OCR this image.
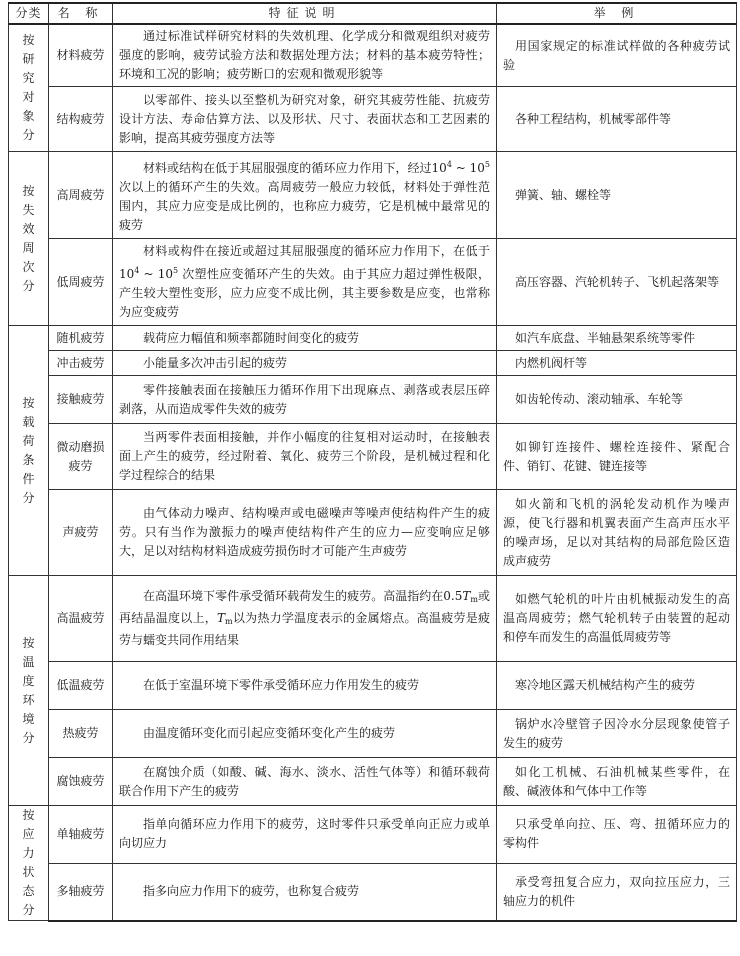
分类	名 称	特征说明	举 例
按研究对象分	材料疲劳	通过标准试样研究材料的失效机理、化学成分和微观组织对疲劳强度的影响，疲劳试验方法和数据处理方法；材料的基本疲劳特性；环境和工况的影响；疲劳断口的宏观和微观形貌等	用国家规定的标准试样做的各种疲劳试验
	结构疲劳	以零部件、接头以至整机为研究对象，研究其疲劳性能、抗疲劳设计方法、寿命估算方法、以及形状、尺寸、表面状态和工艺因素的影响，提高其疲劳强度方法等	各种工程结构，机械零部件等
按失效周次分	高周疲劳	材料或结构在低于其屈服强度的循环应力作用下，经过$10^4$ ~ $10^5$ 次以上的循环产生的失效。高周疲劳一般应力较低，材料处于弹性范围内，其应力应变是成比例的，也称应力疲劳，它是机械中最常见的疲劳	弹簧、轴、螺栓等
	低周疲劳	材料或构件在接近或超过其屈服强度的循环应力作用下，在低于$10^4$ ~ $10^5$ 次塑性应变循环产生的失效。由于其应力超过弹性极限，产生较大塑性变形，应力应变不成比例，其主要参数是应变，也常称为应变疲劳	高压容器、汽轮机转子、飞机起落架等
按载荷条件分	随机疲劳	载荷应力幅值和频率都随时间变化的疲劳	如汽车底盘、半轴悬架系统等零件
	冲击疲劳	小能量多次冲击引起的疲劳	内燃机阀杆等
	接触疲劳	零件接触表面在接触压力循环作用下出现麻点、剥落或表层压碎剥落，从而造成零件失效的疲劳	如齿轮传动、滚动轴承、车轮等
	微动磨损疲劳	当两零件表面相接触，并作小幅度的往复相对运动时，在接触表面上产生的疲劳，经过附着、氧化、疲劳三个阶段，是机械过程和化学过程综合的结果	如铆钉连接件、螺栓连接件、紧配合件、销钉、花键、键连接等
	声疲劳	由气体动力噪声、结构噪声或电磁噪声等噪声使结构件产生的疲劳。只有当作为激振力的噪声使结构件产生的应力—应变响应足够大，足以对结构材料造成疲劳损伤时才可能产生声疲劳	如火箭和飞机的涡轮发动机作为噪声源，使飞行器和机翼表面产生高声压水平的噪声场，足以对其结构的局部危险区造成声疲劳
按温度环境分	高温疲劳	在高温环境下零件承受循环载荷发生的疲劳。高温指约在$0.5T_m$或再结晶温度以上，$T_m$以为热力学温度表示的金属熔点。高温疲劳是疲劳与蠕变共同作用结果	如燃气轮机的叶片由机械振动发生的高温高周疲劳；燃气轮机转子由装置的起动和停车而发生的高温低周疲劳等
	低温疲劳	在低于室温环境下零件承受循环应力作用发生的疲劳	寒冷地区露天机械结构产生的疲劳
	热疲劳	由温度循环变化而引起应变循环变化产生的疲劳	锅炉水冷壁管子因冷水分层现象使管子发生的疲劳
	腐蚀疲劳	在腐蚀介质（如酸、碱、海水、淡水、活性气体等）和循环载荷联合作用下产生的疲劳	如化工机械、石油机械某些零件，在酸、碱液体和气体中工作等
按应力状态分	单轴疲劳	指单向循环应力作用下的疲劳，这时零件只承受单向正应力或单向切应力	只承受单向拉、压、弯、扭循环应力的零构件
	多轴疲劳	指多向应力作用下的疲劳，也称复合疲劳	承受弯扭复合应力，双向拉压应力，三轴应力的机件
